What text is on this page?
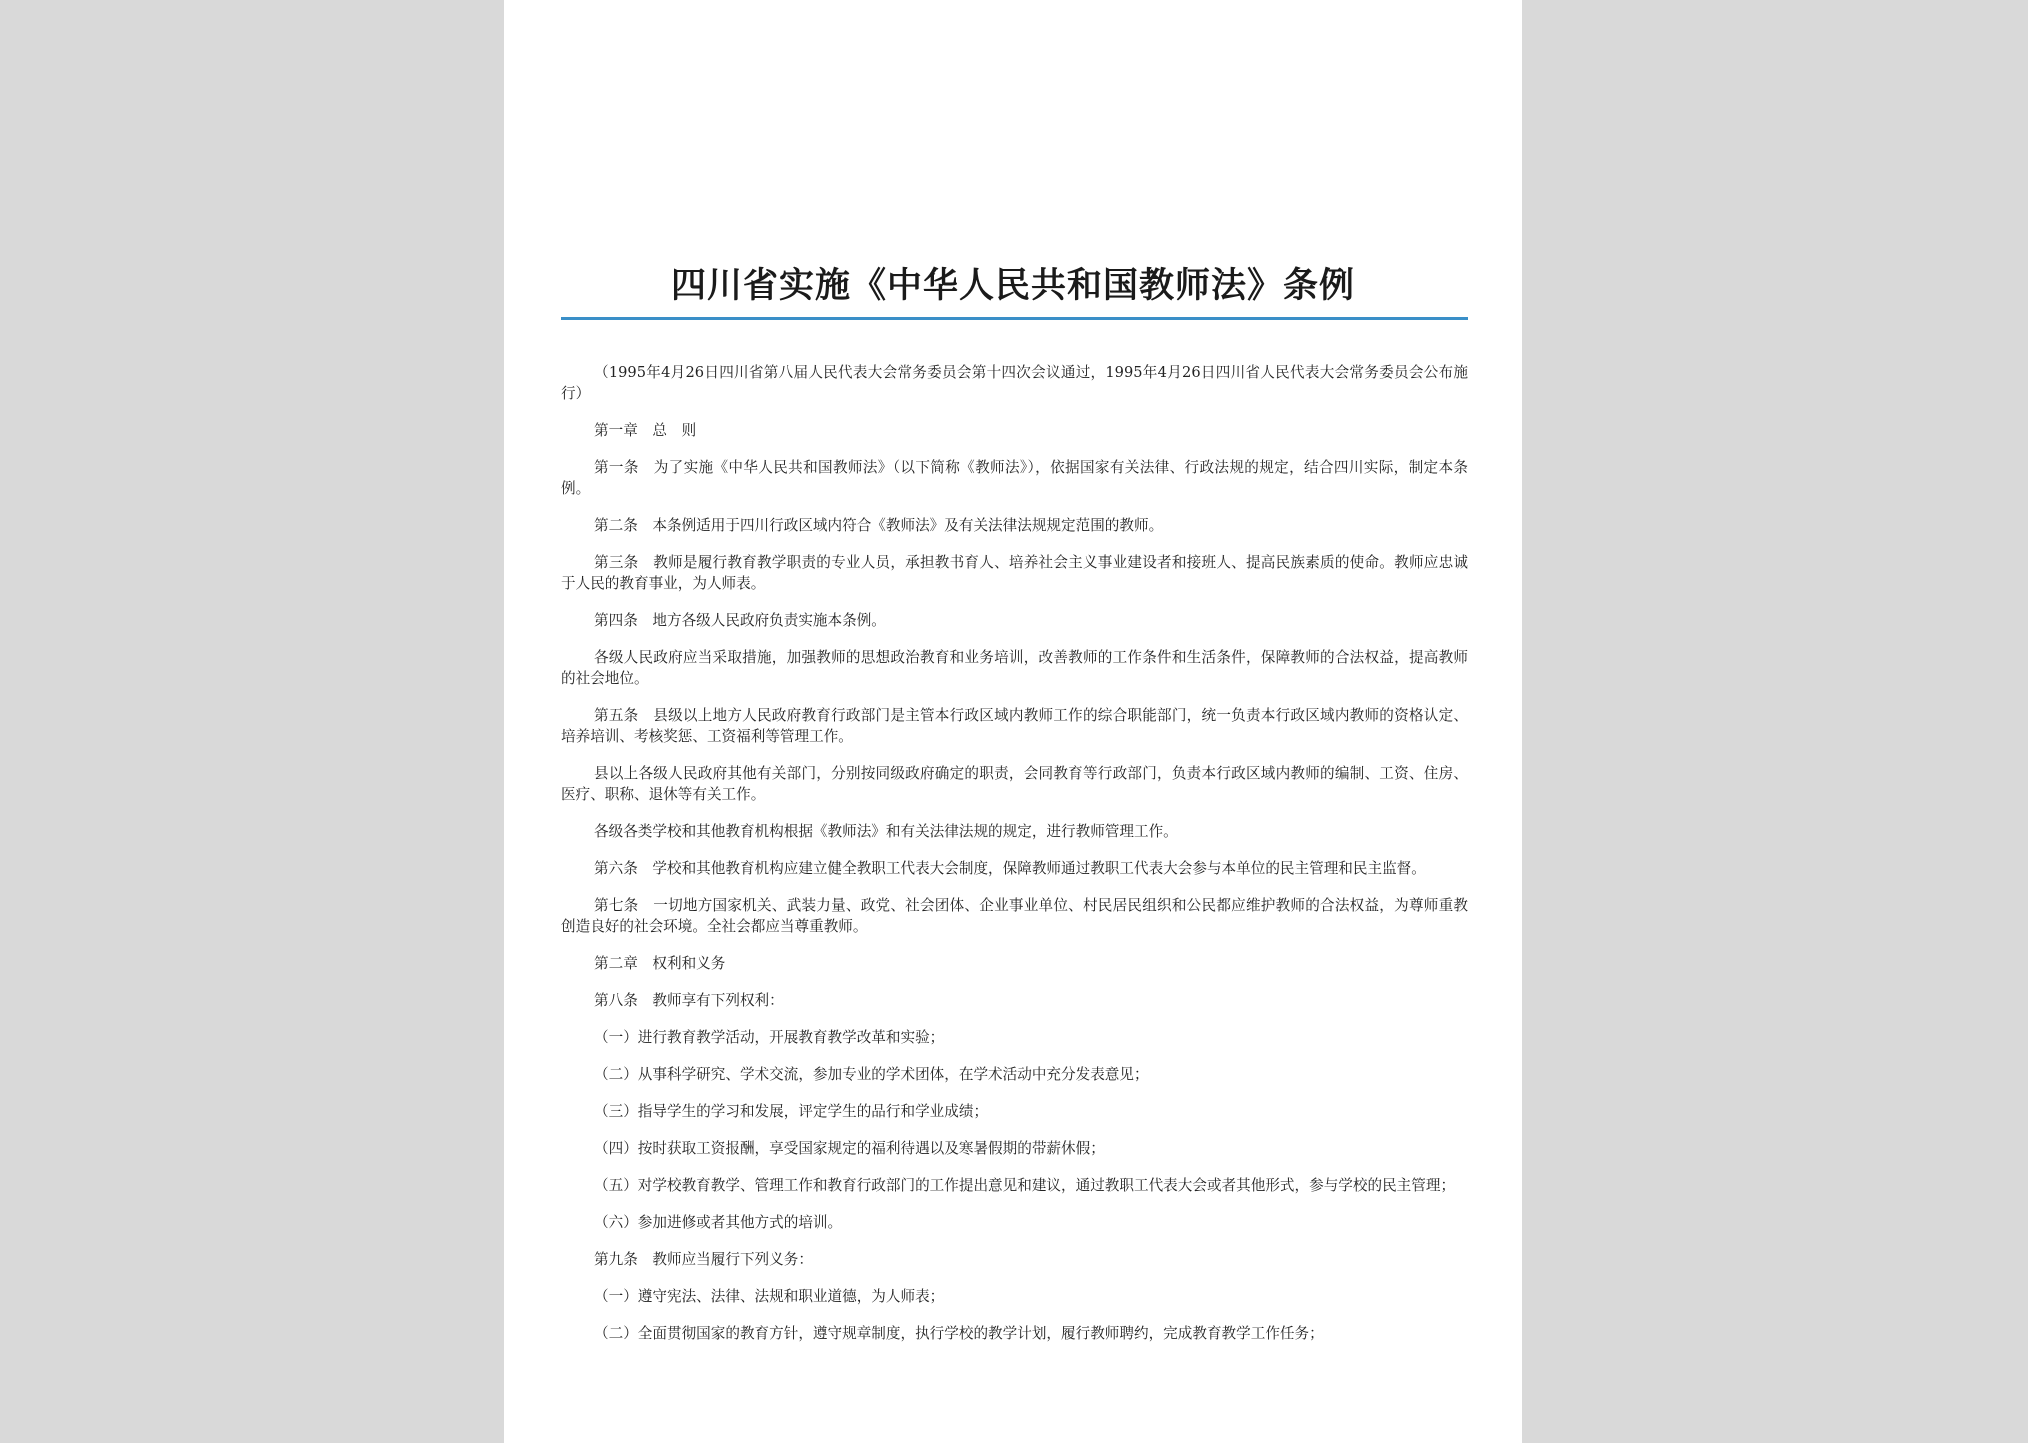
四川省实施《中华人民共和国教师法》条例

（1995年4月26日四川省第八届人民代表大会常务委员会第十四次会议通过，1995年4月26日四川省人民代表大会常务委员会公布施行）

第一章　总　则

第一条　为了实施《中华人民共和国教师法》（以下简称《教师法》），依据国家有关法律、行政法规的规定，结合四川实际，制定本条例。

第二条　本条例适用于四川行政区域内符合《教师法》及有关法律法规规定范围的教师。

第三条　教师是履行教育教学职责的专业人员，承担教书育人、培养社会主义事业建设者和接班人、提高民族素质的使命。教师应忠诚于人民的教育事业，为人师表。

第四条　地方各级人民政府负责实施本条例。

各级人民政府应当采取措施，加强教师的思想政治教育和业务培训，改善教师的工作条件和生活条件，保障教师的合法权益，提高教师的社会地位。

第五条　县级以上地方人民政府教育行政部门是主管本行政区域内教师工作的综合职能部门，统一负责本行政区域内教师的资格认定、培养培训、考核奖惩、工资福利等管理工作。

县以上各级人民政府其他有关部门，分别按同级政府确定的职责，会同教育等行政部门，负责本行政区域内教师的编制、工资、住房、医疗、职称、退休等有关工作。

各级各类学校和其他教育机构根据《教师法》和有关法律法规的规定，进行教师管理工作。

第六条　学校和其他教育机构应建立健全教职工代表大会制度，保障教师通过教职工代表大会参与本单位的民主管理和民主监督。

第七条　一切地方国家机关、武装力量、政党、社会团体、企业事业单位、村民居民组织和公民都应维护教师的合法权益，为尊师重教创造良好的社会环境。全社会都应当尊重教师。

第二章　权利和义务

第八条　教师享有下列权利：

（一）进行教育教学活动，开展教育教学改革和实验；

（二）从事科学研究、学术交流，参加专业的学术团体，在学术活动中充分发表意见；

（三）指导学生的学习和发展，评定学生的品行和学业成绩；

（四）按时获取工资报酬，享受国家规定的福利待遇以及寒暑假期的带薪休假；

（五）对学校教育教学、管理工作和教育行政部门的工作提出意见和建议，通过教职工代表大会或者其他形式，参与学校的民主管理；

（六）参加进修或者其他方式的培训。

第九条　教师应当履行下列义务：

（一）遵守宪法、法律、法规和职业道德，为人师表；

（二）全面贯彻国家的教育方针，遵守规章制度，执行学校的教学计划，履行教师聘约，完成教育教学工作任务；
